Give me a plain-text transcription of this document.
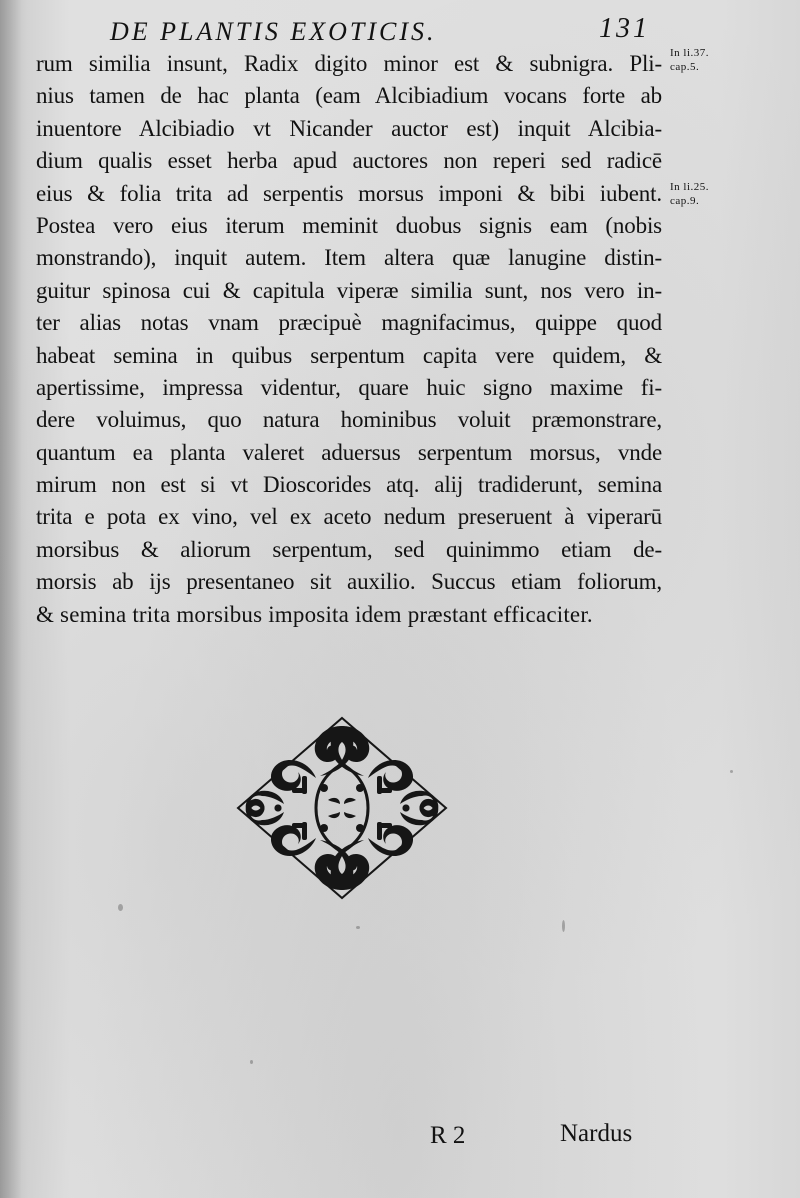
DE PLANTIS EXOTICIS.	131
In li.37.
cap.5.
In li.25.
cap.9.
rum similia insunt, Radix digito minor est & subnigra. Pli-
nius tamen de hac planta (eam Alcibiadium vocans forte ab
inuentore Alcibiadio vt Nicander auctor est) inquit Alcibia-
dium qualis esset herba apud auctores non reperi sed radicē
eius & folia trita ad serpentis morsus imponi & bibi iubent.
Postea vero eius iterum meminit duobus signis eam (nobis
monstrando), inquit autem. Item altera quæ lanugine distin-
guitur spinosa cui & capitula viperæ similia sunt, nos vero in-
ter alias notas vnam præcipuè magnifacimus, quippe quod
habeat semina in quibus serpentum capita vere quidem, &
apertissime, impressa videntur, quare huic signo maxime fi-
dere voluimus, quo natura hominibus voluit præmonstrare,
quantum ea planta valeret aduersus serpentum morsus, vnde
mirum non est si vt Dioscorides atq. alij tradiderunt, semina
trita e pota ex vino, vel ex aceto nedum preseruent à viperarū
morsibus & aliorum serpentum, sed quinimmo etiam de-
morsis ab ijs presentaneo sit auxilio. Succus etiam foliorum,
& semina trita morsibus imposita idem præstant efficaciter.
R 2	Nardus
